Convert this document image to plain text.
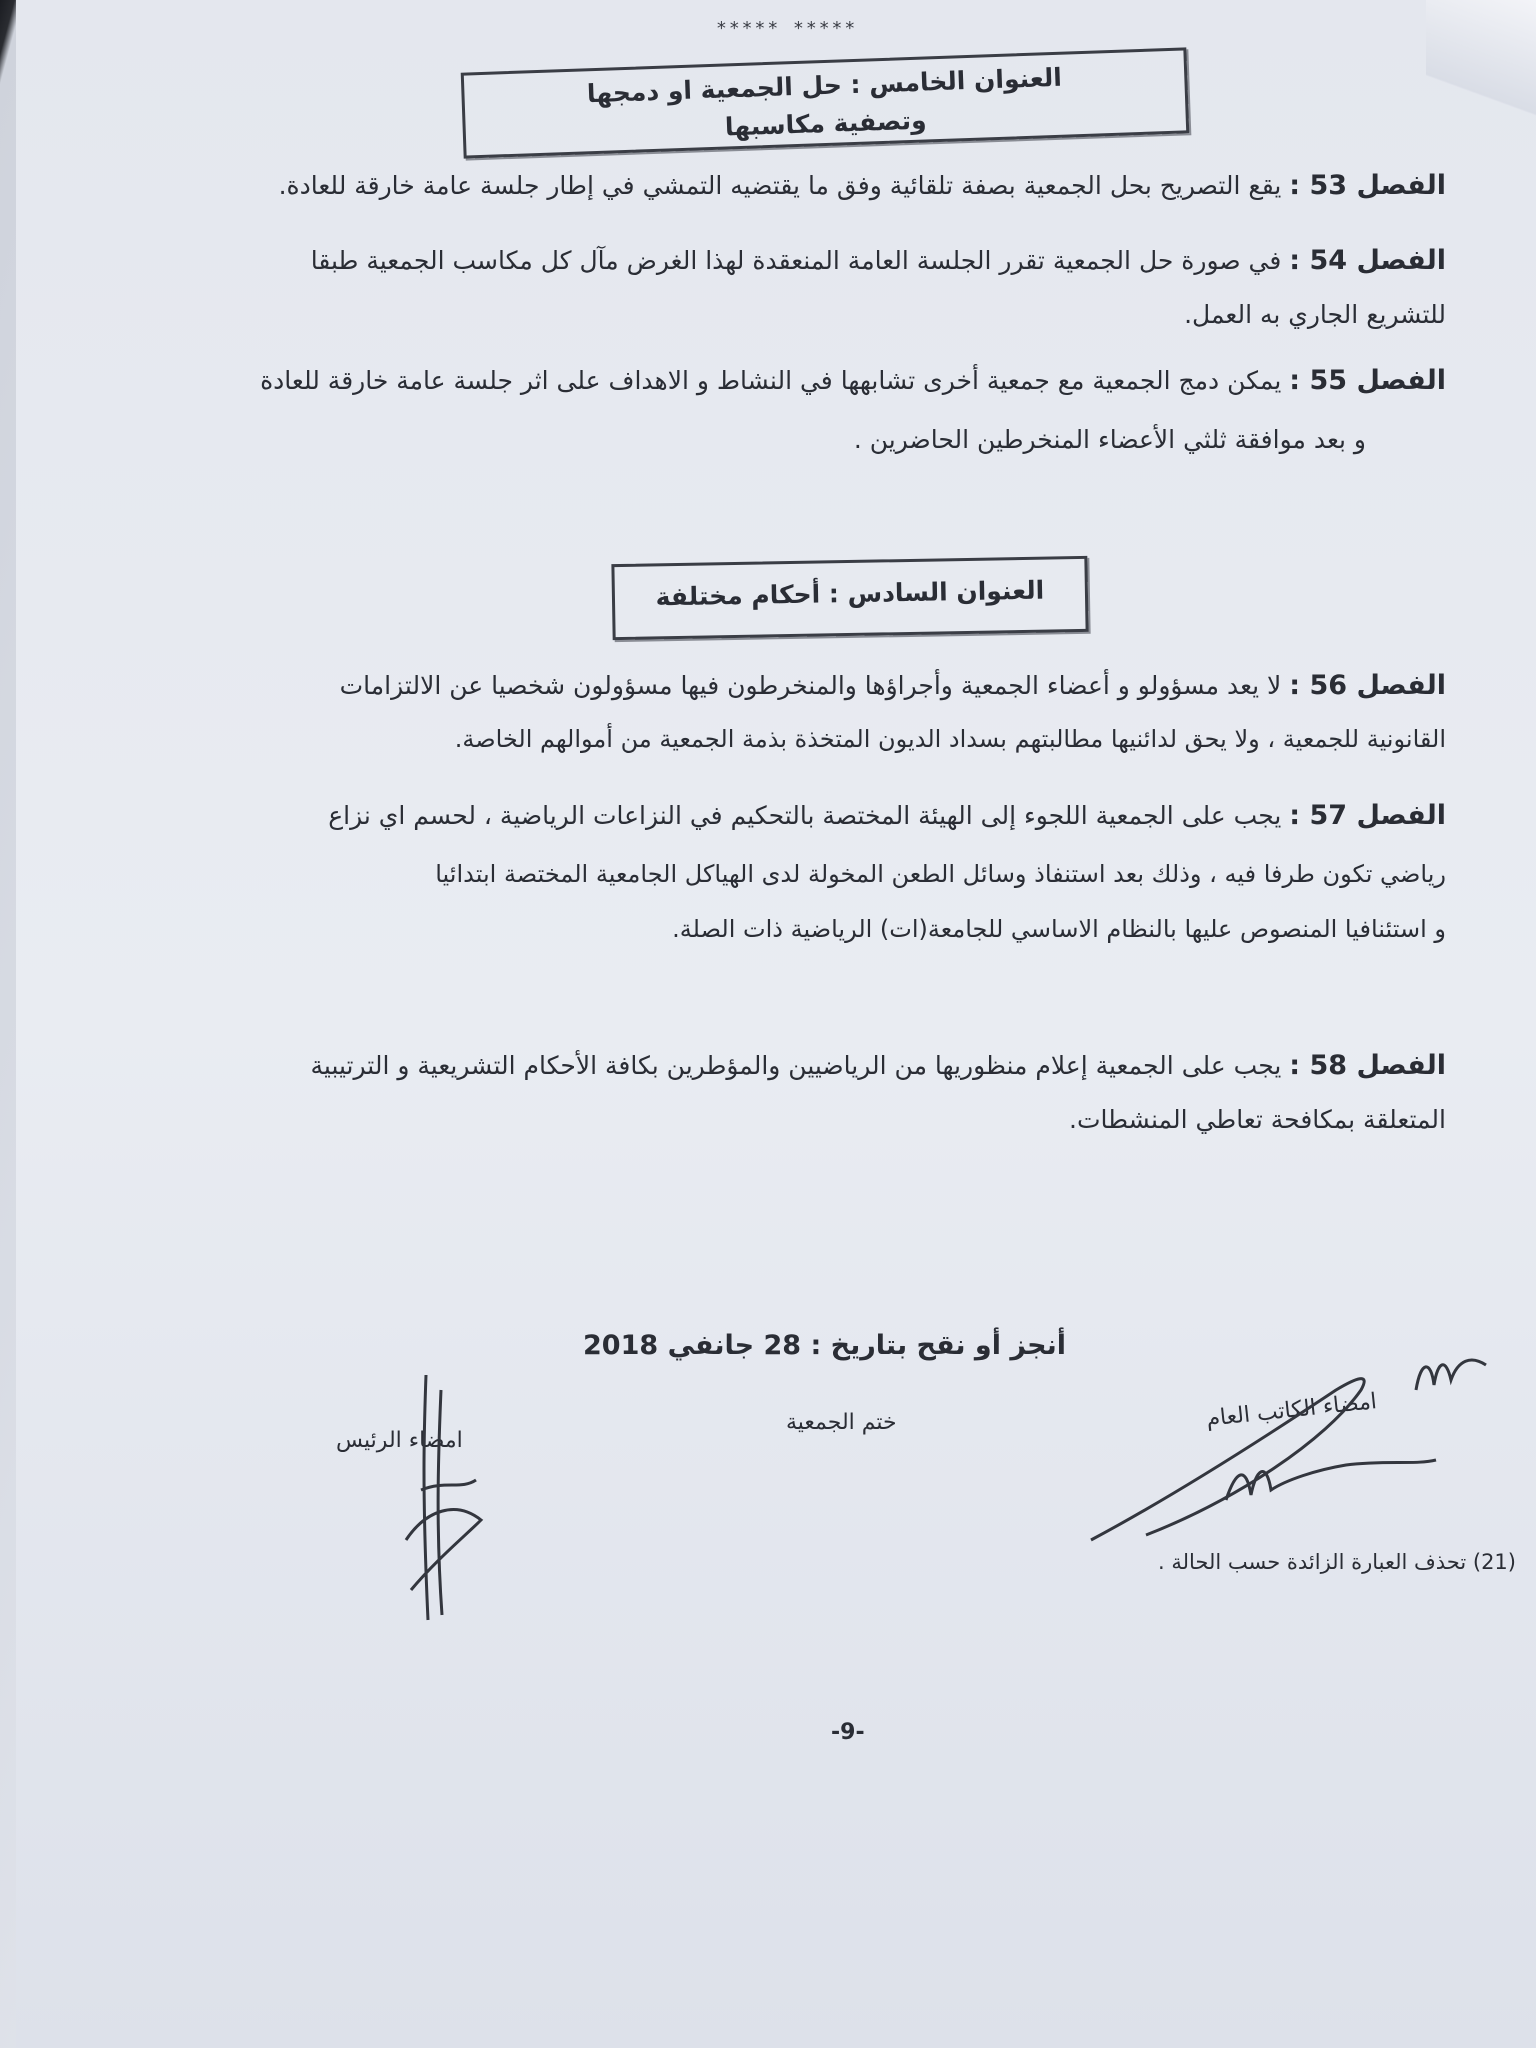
***** *****
العنوان الخامس : حل الجمعية او دمجها وتصفية مكاسبها
الفصل 53 : يقع التصريح بحل الجمعية بصفة تلقائية وفق ما يقتضيه التمشي في إطار جلسة عامة خارقة للعادة.
الفصل 54 : في صورة حل الجمعية تقرر الجلسة العامة المنعقدة لهذا الغرض مآل كل مكاسب الجمعية طبقا
للتشريع الجاري به العمل.
الفصل 55 : يمكن دمج الجمعية مع جمعية أخرى تشابهها في النشاط و الاهداف على اثر جلسة عامة خارقة للعادة
و بعد موافقة ثلثي الأعضاء المنخرطين الحاضرين .
العنوان السادس : أحكام مختلفة
الفصل 56 : لا يعد مسؤولو و أعضاء الجمعية وأجراؤها والمنخرطون فيها مسؤولون شخصيا عن الالتزامات
القانونية للجمعية ، ولا يحق لدائنيها مطالبتهم بسداد الديون المتخذة بذمة الجمعية من أموالهم الخاصة.
الفصل 57 : يجب على الجمعية اللجوء إلى الهيئة المختصة بالتحكيم في النزاعات الرياضية ، لحسم اي نزاع
رياضي تكون طرفا فيه ، وذلك بعد استنفاذ وسائل الطعن المخولة لدى الهياكل الجامعية المختصة ابتدائيا
و استئنافيا المنصوص عليها بالنظام الاساسي للجامعة(ات) الرياضية ذات الصلة.
الفصل 58 : يجب على الجمعية إعلام منظوريها من الرياضيين والمؤطرين بكافة الأحكام التشريعية و الترتيبية
المتعلقة بمكافحة تعاطي المنشطات.
أنجز أو نقح بتاريخ : 28 جانفي 2018
ختم الجمعية
امضاء الرئيس
امضاء الكاتب العام
(21) تحذف العبارة الزائدة حسب الحالة .
-9-
